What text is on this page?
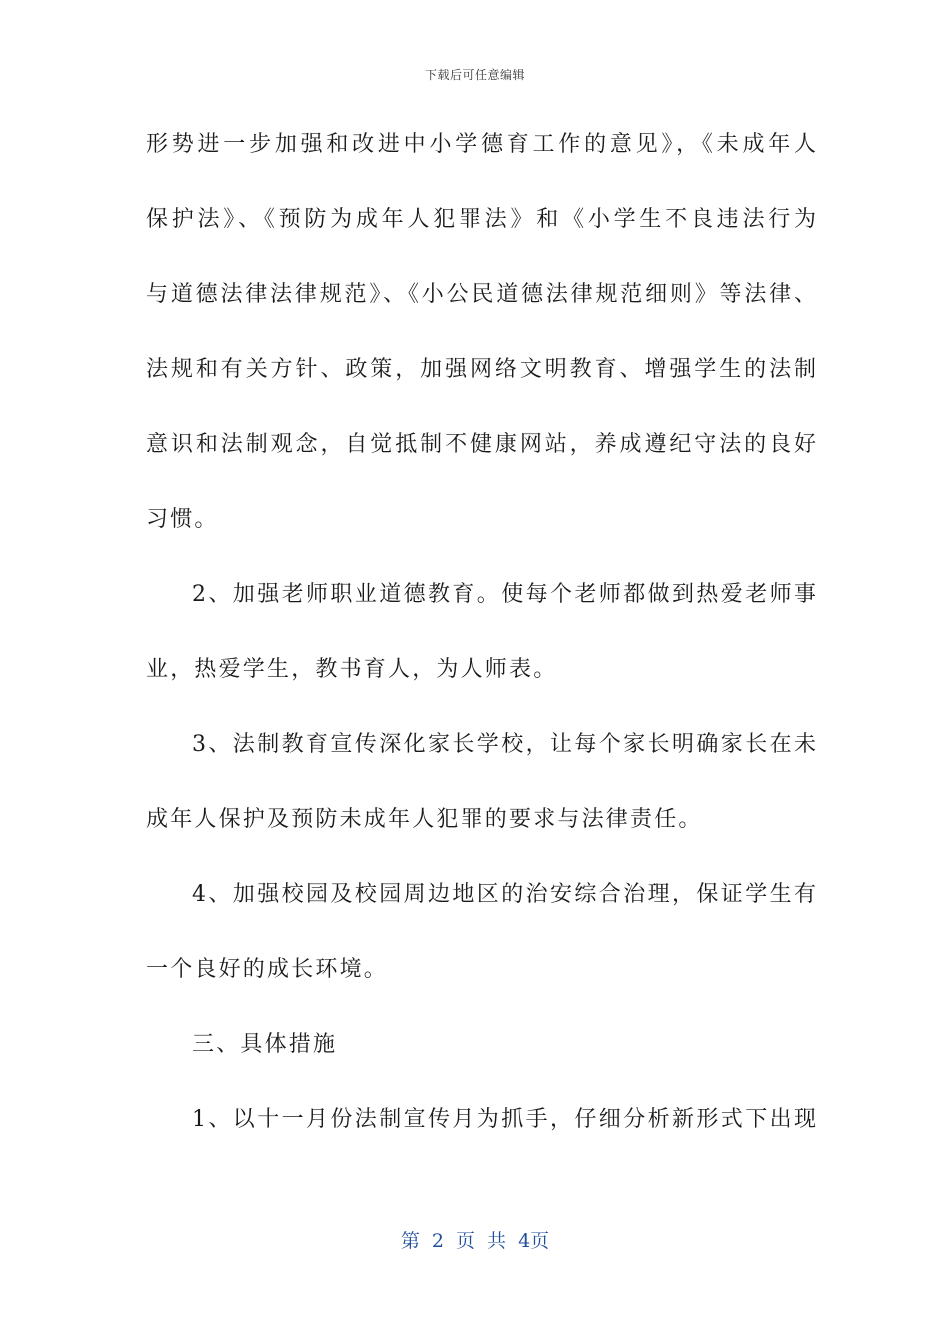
下载后可任意编辑
形势进一步加强和改进中小学德育工作的意见》，《未成年人
保护法》、《预防为成年人犯罪法》和《小学生不良违法行为
与道德法律法律规范》、《小公民道德法律规范细则》等法律、
法规和有关方针、政策，加强网络文明教育、增强学生的法制
意识和法制观念，自觉抵制不健康网站，养成遵纪守法的良好
习惯。
2、加强老师职业道德教育。使每个老师都做到热爱老师事
业，热爱学生，教书育人，为人师表。
3、法制教育宣传深化家长学校，让每个家长明确家长在未
成年人保护及预防未成年人犯罪的要求与法律责任。
4、加强校园及校园周边地区的治安综合治理，保证学生有
一个良好的成长环境。
三、具体措施
1、以十一月份法制宣传月为抓手，仔细分析新形式下出现
第 2 页 共 4页
